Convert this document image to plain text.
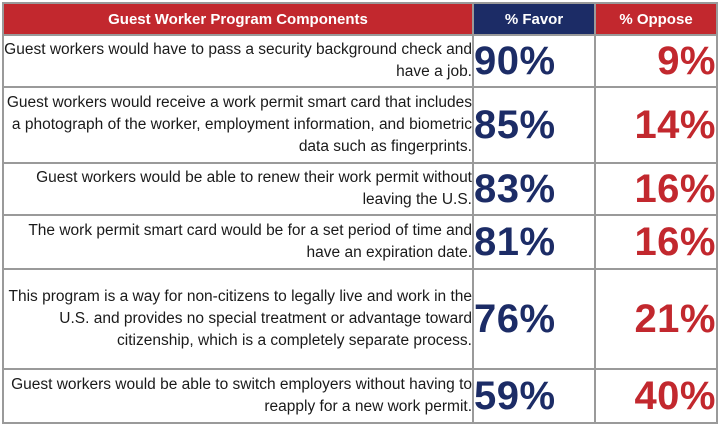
Guest Worker Program Components	% Favor	% Oppose
Guest workers would have to pass a security background check and have a job.	90%	9%
Guest workers would receive a work permit smart card that includes a photograph of the worker, employment information, and biometric data such as fingerprints.	85%	14%
Guest workers would be able to renew their work permit without leaving the U.S.	83%	16%
The work permit smart card would be for a set period of time and have an expiration date.	81%	16%
This program is a way for non-citizens to legally live and work in the U.S. and provides no special treatment or advantage toward citizenship, which is a completely separate process.	76%	21%
Guest workers would be able to switch employers without having to reapply for a new work permit.	59%	40%
